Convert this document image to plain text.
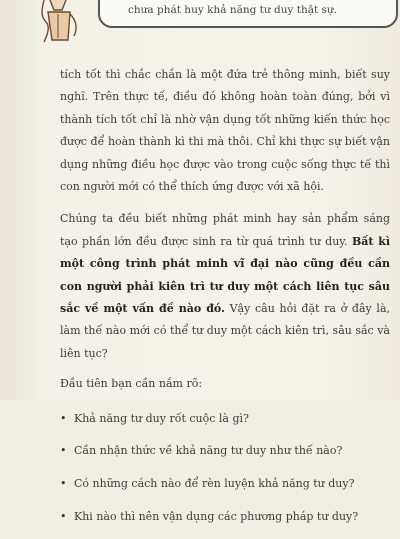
chưa phát huy khả năng tư duy thật sự.

tích tốt thì chắc chắn là một đứa trẻ thông minh, biết suy nghĩ. Trên thực tế, điều đó không hoàn toàn đúng, bởi vì thành tích tốt chỉ là nhờ vận dụng tốt những kiến thức học được để hoàn thành kì thi mà thôi. Chỉ khi thực sự biết vận dụng những điều học được vào trong cuộc sống thực tế thì con người mới có thể thích ứng được với xã hội.

Chúng ta đều biết những phát minh hay sản phẩm sáng tạo phần lớn đều được sinh ra từ quá trình tư duy. Bất kì một công trình phát minh vĩ đại nào cũng đều cần con người phải kiên trì tư duy một cách liên tục sâu sắc về một vấn đề nào đó. Vậy câu hỏi đặt ra ở đây là, làm thế nào mới có thể tư duy một cách kiên trì, sâu sắc và liên tục?

Đầu tiên bạn cần nắm rõ:

• Khả năng tư duy rốt cuộc là gì?
• Cần nhận thức về khả năng tư duy như thế nào?
• Có những cách nào để rèn luyện khả năng tư duy?
• Khi nào thì nên vận dụng các phương pháp tư duy?
